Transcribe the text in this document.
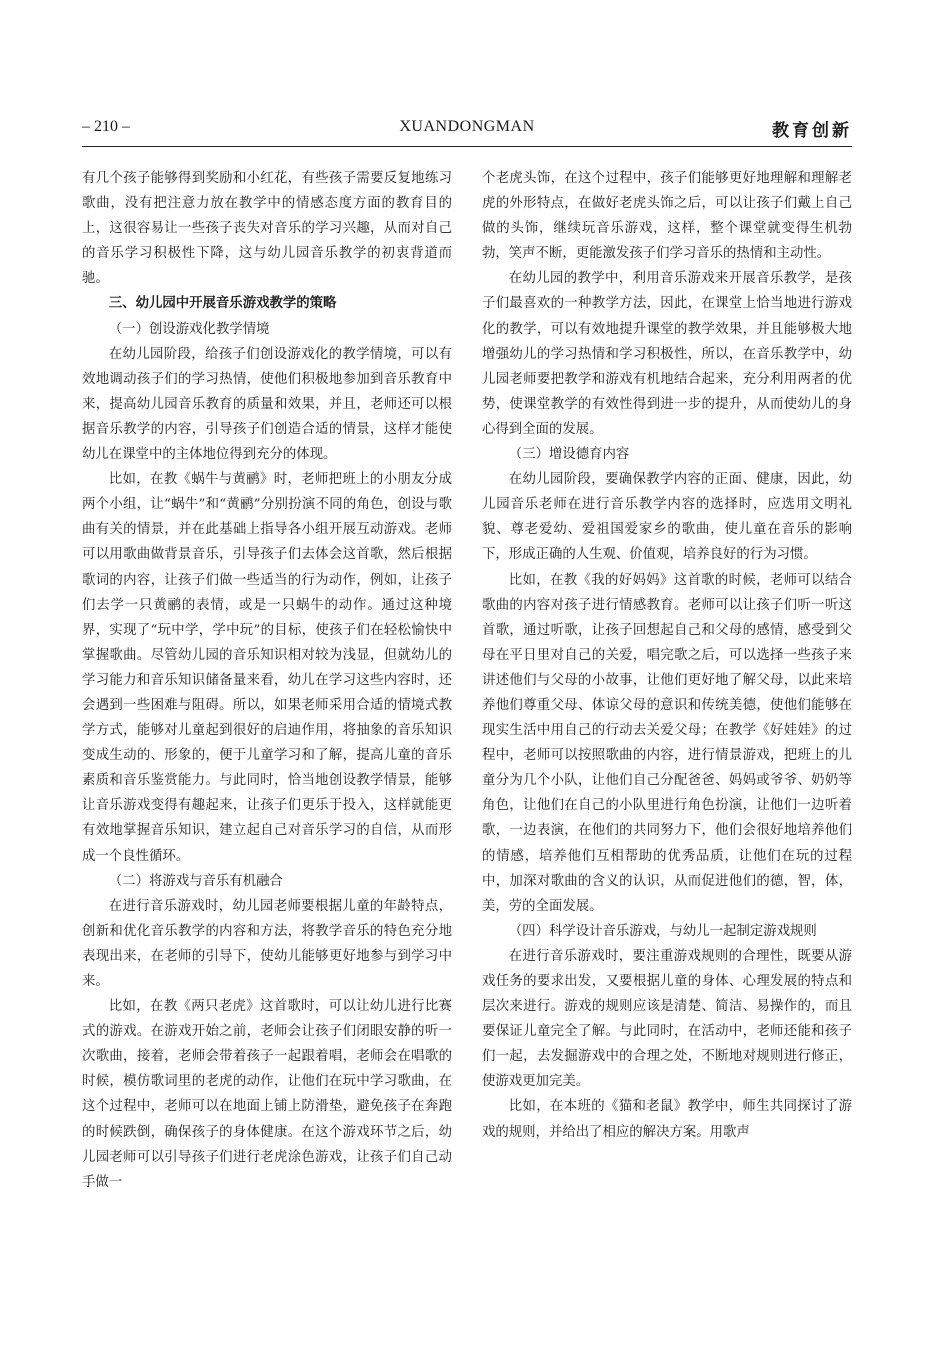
– 210 –	XUANDONGMAN	教育创新

有几个孩子能够得到奖励和小红花，有些孩子需要反复地练习歌曲，没有把注意力放在教学中的情感态度方面的教育目的上，这很容易让一些孩子丧失对音乐的学习兴趣，从而对自己的音乐学习积极性下降，这与幼儿园音乐教学的初衷背道而驰。

三、幼儿园中开展音乐游戏教学的策略

（一）创设游戏化教学情境

在幼儿园阶段，给孩子们创设游戏化的教学情境，可以有效地调动孩子们的学习热情，使他们积极地参加到音乐教育中来，提高幼儿园音乐教育的质量和效果，并且，老师还可以根据音乐教学的内容，引导孩子们创造合适的情景，这样才能使幼儿在课堂中的主体地位得到充分的体现。

比如，在教《蜗牛与黄鹂》时，老师把班上的小朋友分成两个小组，让“蜗牛”和“黄鹂”分别扮演不同的角色，创设与歌曲有关的情景，并在此基础上指导各小组开展互动游戏。老师可以用歌曲做背景音乐，引导孩子们去体会这首歌，然后根据歌词的内容，让孩子们做一些适当的行为动作，例如，让孩子们去学一只黄鹂的表情，或是一只蜗牛的动作。通过这种境界，实现了“玩中学，学中玩”的目标，使孩子们在轻松愉快中掌握歌曲。尽管幼儿园的音乐知识相对较为浅显，但就幼儿的学习能力和音乐知识储备量来看，幼儿在学习这些内容时，还会遇到一些困难与阻碍。所以，如果老师采用合适的情境式教学方式，能够对儿童起到很好的启迪作用，将抽象的音乐知识变成生动的、形象的，便于儿童学习和了解，提高儿童的音乐素质和音乐鉴赏能力。与此同时，恰当地创设教学情景，能够让音乐游戏变得有趣起来，让孩子们更乐于投入，这样就能更有效地掌握音乐知识，建立起自己对音乐学习的自信，从而形成一个良性循环。

（二）将游戏与音乐有机融合

在进行音乐游戏时，幼儿园老师要根据儿童的年龄特点，创新和优化音乐教学的内容和方法，将教学音乐的特色充分地表现出来，在老师的引导下，使幼儿能够更好地参与到学习中来。

比如，在教《两只老虎》这首歌时，可以让幼儿进行比赛式的游戏。在游戏开始之前，老师会让孩子们闭眼安静的听一次歌曲，接着，老师会带着孩子一起跟着唱，老师会在唱歌的时候，模仿歌词里的老虎的动作，让他们在玩中学习歌曲，在这个过程中，老师可以在地面上铺上防滑垫，避免孩子在奔跑的时候跌倒，确保孩子的身体健康。在这个游戏环节之后，幼儿园老师可以引导孩子们进行老虎涂色游戏，让孩子们自己动手做一

个老虎头饰，在这个过程中，孩子们能够更好地理解和理解老虎的外形特点，在做好老虎头饰之后，可以让孩子们戴上自己做的头饰，继续玩音乐游戏，这样，整个课堂就变得生机勃勃，笑声不断，更能激发孩子们学习音乐的热情和主动性。

在幼儿园的教学中，利用音乐游戏来开展音乐教学，是孩子们最喜欢的一种教学方法，因此，在课堂上恰当地进行游戏化的教学，可以有效地提升课堂的教学效果，并且能够极大地增强幼儿的学习热情和学习积极性，所以，在音乐教学中，幼儿园老师要把教学和游戏有机地结合起来，充分利用两者的优势，使课堂教学的有效性得到进一步的提升，从而使幼儿的身心得到全面的发展。

（三）增设德育内容

在幼儿园阶段，要确保教学内容的正面、健康，因此，幼儿园音乐老师在进行音乐教学内容的选择时，应选用文明礼貌、尊老爱幼、爱祖国爱家乡的歌曲，使儿童在音乐的影响下，形成正确的人生观、价值观，培养良好的行为习惯。

比如，在教《我的好妈妈》这首歌的时候，老师可以结合歌曲的内容对孩子进行情感教育。老师可以让孩子们听一听这首歌，通过听歌，让孩子回想起自己和父母的感情，感受到父母在平日里对自己的关爱，唱完歌之后，可以选择一些孩子来讲述他们与父母的小故事，让他们更好地了解父母，以此来培养他们尊重父母、体谅父母的意识和传统美德，使他们能够在现实生活中用自己的行动去关爱父母；在教学《好娃娃》的过程中，老师可以按照歌曲的内容，进行情景游戏，把班上的儿童分为几个小队，让他们自己分配爸爸、妈妈或爷爷、奶奶等角色，让他们在自己的小队里进行角色扮演，让他们一边听着歌，一边表演，在他们的共同努力下，他们会很好地培养他们的情感，培养他们互相帮助的优秀品质，让他们在玩的过程中，加深对歌曲的含义的认识，从而促进他们的德，智，体，美，劳的全面发展。

（四）科学设计音乐游戏，与幼儿一起制定游戏规则

在进行音乐游戏时，要注重游戏规则的合理性，既要从游戏任务的要求出发，又要根据儿童的身体、心理发展的特点和层次来进行。游戏的规则应该是清楚、简洁、易操作的，而且要保证儿童完全了解。与此同时，在活动中，老师还能和孩子们一起，去发掘游戏中的合理之处，不断地对规则进行修正，使游戏更加完美。

比如，在本班的《猫和老鼠》教学中，师生共同探讨了游戏的规则，并给出了相应的解决方案。用歌声
